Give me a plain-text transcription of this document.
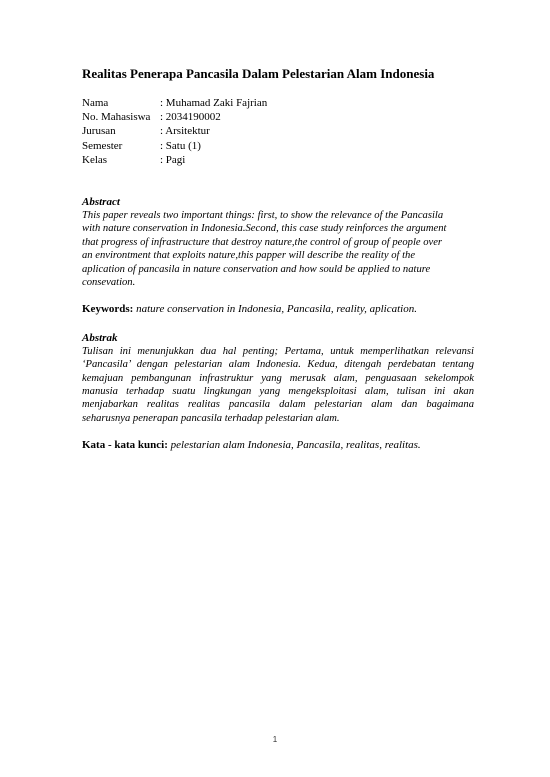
Realitas Penerapa Pancasila Dalam Pelestarian Alam Indonesia
Nama	: Muhamad Zaki Fajrian
No. Mahasiswa : 2034190002
Jurusan	: Arsitektur
Semester	: Satu (1)
Kelas	: Pagi
Abstract
This paper reveals two important things: first, to show the relevance of the Pancasila
with nature conservation in Indonesia.Second, this case study reinforces the argument
that progress of infrastructure that destroy nature,the control of group of people over
an environtment that exploits nature,this papper will describe the reality of the
aplication of pancasila in nature conservation and how sould be applied to nature
consevation.
Keywords: nature conservation in Indonesia, Pancasila, reality, aplication.
Abstrak

Tulisan ini menunjukkan dua hal penting; Pertama, untuk memperlihatkan relevansi ‘Pancasila’ dengan pelestarian alam Indonesia. Kedua, ditengah perdebatan tentang kemajuan pembangunan infrastruktur yang merusak alam, penguasaan sekelompok manusia terhadap suatu lingkungan yang mengeksploitasi alam, tulisan ini akan menjabarkan realitas realitas pancasila dalam pelestarian alam dan bagaimana seharusnya penerapan pancasila terhadap pelestarian alam.

Kata - kata kunci: pelestarian alam Indonesia, Pancasila, realitas, realitas.
1
